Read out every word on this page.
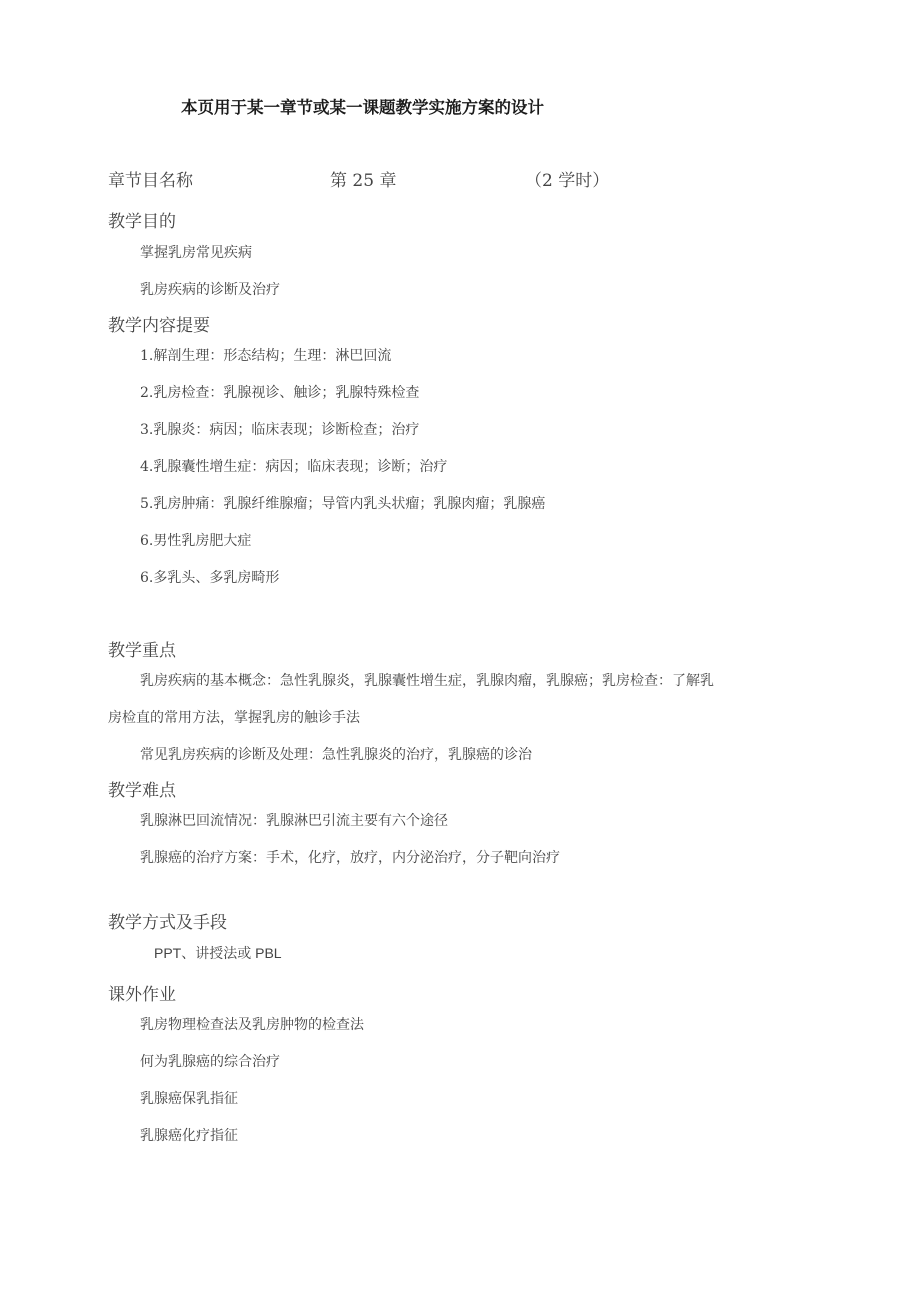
本页用于某一章节或某一课题教学实施方案的设计
章节目名称	第 25 章	（2 学时）
教学目的
掌握乳房常见疾病
乳房疾病的诊断及治疗
教学内容提要
1.解剖生理：形态结构；生理：淋巴回流
2.乳房检查：乳腺视诊、触诊；乳腺特殊检查
3.乳腺炎：病因；临床表现；诊断检查；治疗
4.乳腺囊性增生症：病因；临床表现；诊断；治疗
5.乳房肿痛：乳腺纤维腺瘤；导管内乳头状瘤；乳腺肉瘤；乳腺癌
6.男性乳房肥大症
6.多乳头、多乳房畸形
教学重点
乳房疾病的基本概念：急性乳腺炎，乳腺囊性增生症，乳腺肉瘤，乳腺癌；乳房检查：了解乳
房检直的常用方法，掌握乳房的触诊手法
常见乳房疾病的诊断及处理：急性乳腺炎的治疗，乳腺癌的诊治
教学难点
乳腺淋巴回流情况：乳腺淋巴引流主要有六个途径
乳腺癌的治疗方案：手术，化疗，放疗，内分泌治疗，分子靶向治疗
教学方式及手段
PPT、讲授法或 PBL
课外作业
乳房物理检查法及乳房肿物的检查法
何为乳腺癌的综合治疗
乳腺癌保乳指征
乳腺癌化疗指征
